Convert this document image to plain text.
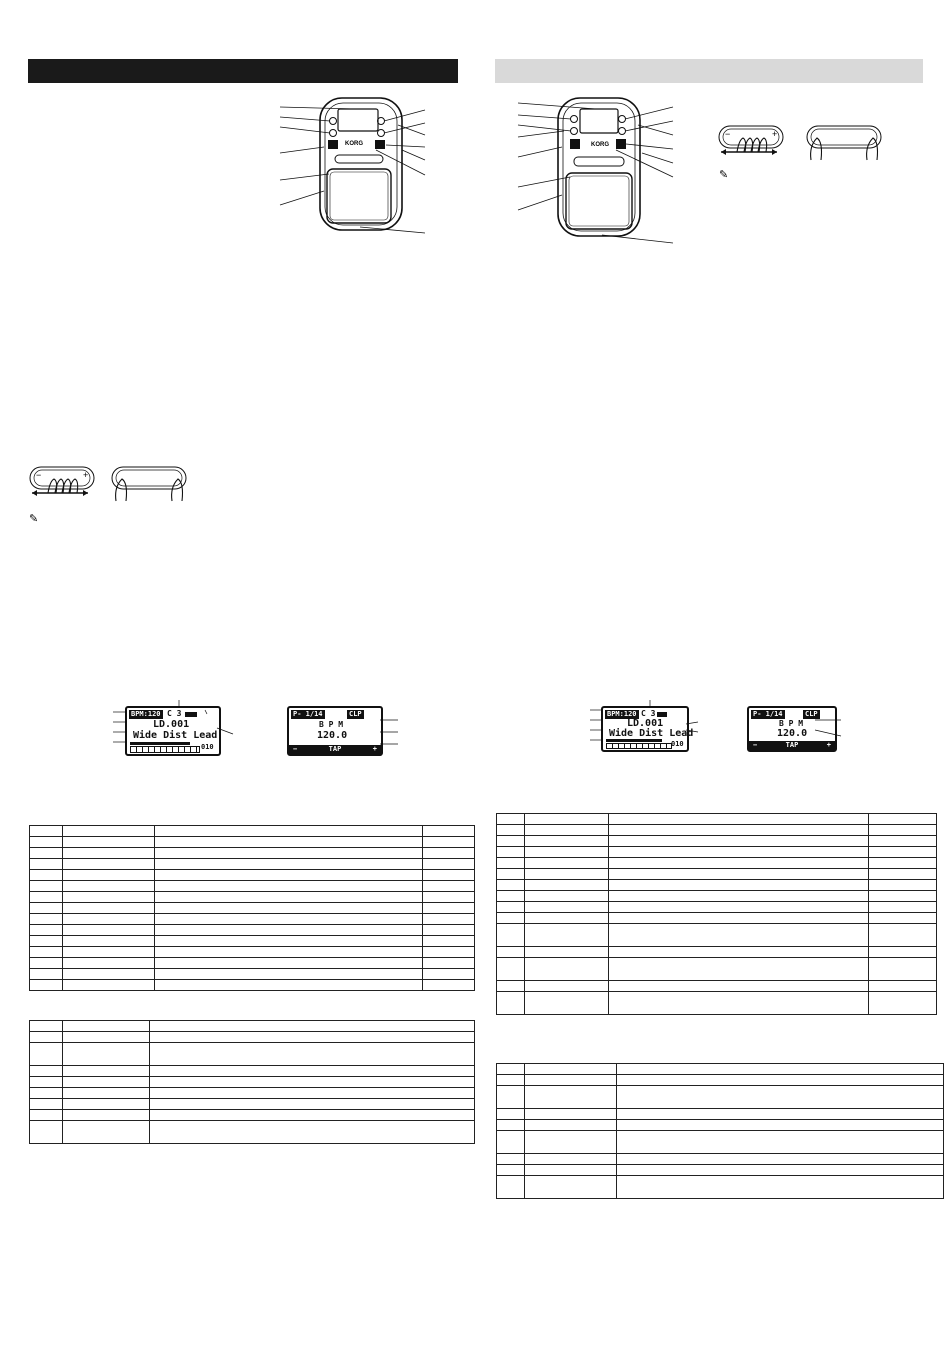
KORG
−	+
✎
BPM:120 C 3
LD.001
Wide Dist Lead
010
P- 1/14	CLP
B P M
120.0
−	TAP	+

KORG
−	+
✎
BPM:120 C 3
LD.001
Wide Dist Lead
010
P- 1/14	CLP
B P M
120.0
−	TAP	+
